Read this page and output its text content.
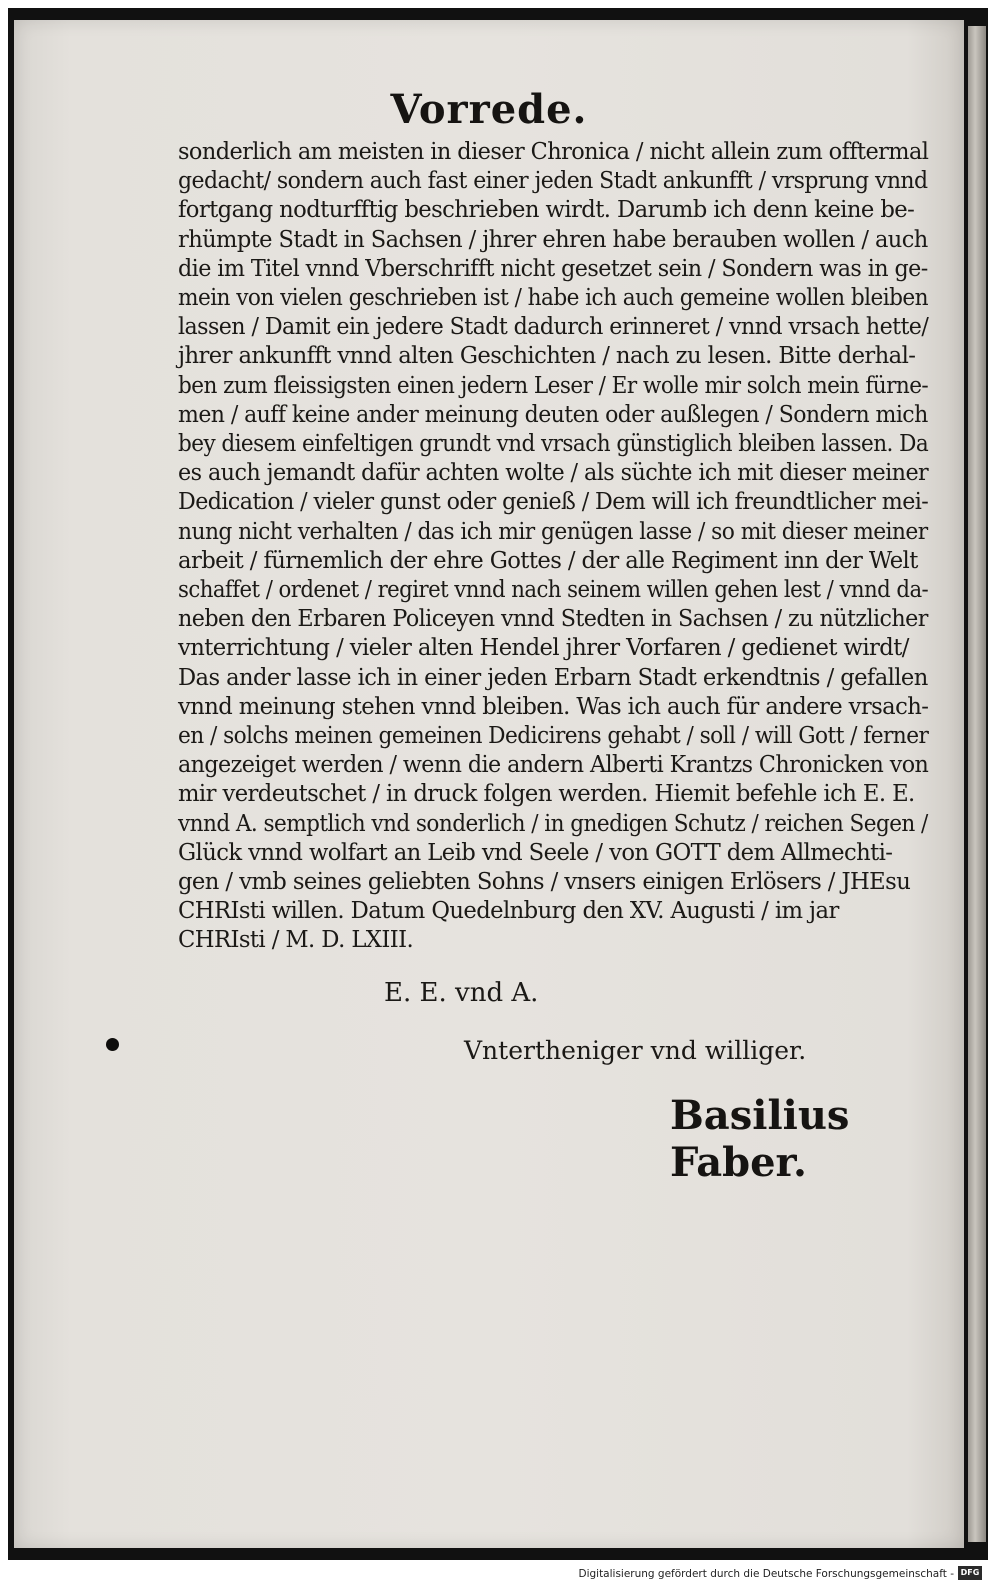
Vorrede.
sonderlich am meisten in dieser Chronica / nicht allein zum offtermal
gedacht/ sondern auch fast einer jeden Stadt ankunfft / vrsprung vnnd
fortgang nodturfftig beschrieben wirdt. Darumb ich denn keine be-
rhümpte Stadt in Sachsen / jhrer ehren habe berauben wollen / auch
die im Titel vnnd Vberschrifft nicht gesetzet sein / Sondern was in ge-
mein von vielen geschrieben ist / habe ich auch gemeine wollen bleiben
lassen / Damit ein jedere Stadt dadurch erinneret / vnnd vrsach hette/
jhrer ankunfft vnnd alten Geschichten / nach zu lesen. Bitte derhal-
ben zum fleissigsten einen jedern Leser / Er wolle mir solch mein fürne-
men / auff keine ander meinung deuten oder außlegen / Sondern mich
bey diesem einfeltigen grundt vnd vrsach günstiglich bleiben lassen. Da
es auch jemandt dafür achten wolte / als süchte ich mit dieser meiner
Dedication / vieler gunst oder genieß / Dem will ich freundtlicher mei-
nung nicht verhalten / das ich mir genügen lasse / so mit dieser meiner
arbeit / fürnemlich der ehre Gottes / der alle Regiment inn der Welt
schaffet / ordenet / regiret vnnd nach seinem willen gehen lest / vnnd da-
neben den Erbaren Policeyen vnnd Stedten in Sachsen / zu nützlicher
vnterrichtung / vieler alten Hendel jhrer Vorfaren / gedienet wirdt/
Das ander lasse ich in einer jeden Erbarn Stadt erkendtnis / gefallen
vnnd meinung stehen vnnd bleiben. Was ich auch für andere vrsach-
en / solchs meinen gemeinen Dedicirens gehabt / soll / will Gott / ferner
angezeiget werden / wenn die andern Alberti Krantzs Chronicken von
mir verdeutschet / in druck folgen werden. Hiemit befehle ich E. E.
vnnd A. semptlich vnd sonderlich / in gnedigen Schutz / reichen Segen /
Glück vnnd wolfart an Leib vnd Seele / von GOTT dem Allmechti-
gen / vmb seines geliebten Sohns / vnsers einigen Erlösers / JHEsu
CHRIsti willen. Datum Quedelnburg den XV. Augusti / im jar
CHRIsti / M. D. LXIII.
E. E. vnd A.
Vntertheniger vnd williger.
Basilius Faber.
Digitalisierung gefördert durch die Deutsche Forschungsgemeinschaft - DFG
